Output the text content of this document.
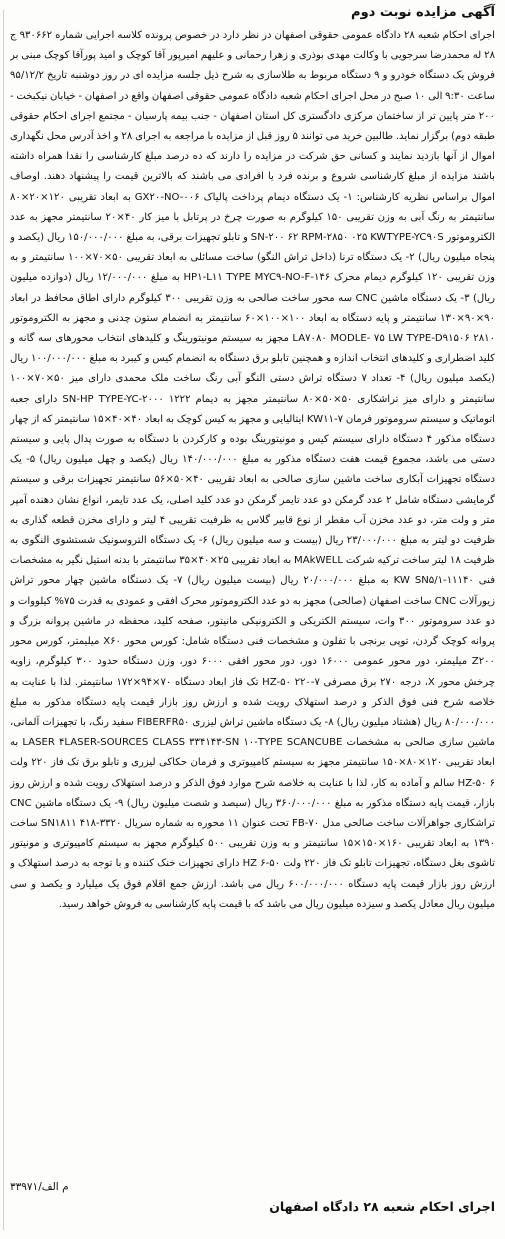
آگهی مزایده نوبت دوم

اجرای احکام شعبه ۲۸ دادگاه عمومی حقوقی اصفهان در نظر دارد در خصوص پرونده کلاسه اجرایی شماره ۹۳۰۶۶۲ ج ۲۸ له محمدرضا سرجویی با وکالت مهدی بوذری و زهرا رحمانی و علیهم امیرپور آقا کوچک و امید پورآقا کوچک مبنی بر فروش یک دستگاه خودرو و ۹ دستگاه مربوط به طلاسازی به شرح ذیل جلسه مزایده ای در روز دوشنبه تاریخ ۹۵/۱۲/۲ ساعت ۹:۳۰ الی ۱۰ صبح در محل اجرای احکام شعبه دادگاه عمومی حقوقی اصفهان واقع در اصفهان - خیابان نیکبخت - ۲۰۰ متر پایین تر از ساختمان مرکزی دادگستری کل استان اصفهان - جنب بیمه پارسیان - مجتمع اجرای احکام حقوقی طبقه دوم) برگزار نماید. طالبین خرید می توانند ۵ روز قبل از مزایده با مراجعه به اجرای ۲۸ و اخذ آدرس محل نگهداری اموال از آنها بازدید نمایند و کسانی حق شرکت در مزایده را دارند که ده درصد مبلغ کارشناسی را نقدا همراه داشته باشند مزایده از مبلغ کارشناسی شروع و برنده فرد یا افرادی می باشند که بالاترین قیمت را پیشنهاد دهند. اوصاف اموال براساس نظریه کارشناس: ۱- یک دستگاه دیمام پرداخت پالیاک GX۲۰-NO-۰۰۶ به ابعاد تقریبی ۱۲۰×۲۰×۸۰ سانتیمتر به رنگ آبی به وزن تقریبی ۱۵۰ کیلوگرم به صورت چرخ در پرتابل با میز کار ۴۰×۲۰ سانتیمتر مجهز به عدد الکتروموتور SN-۲۰۰ ۶۲ RPM-۲۸۵۰ ۰۲۵ KWTYPE-YC۹۰S و تابلو تجهیزات برقی، به مبلغ ۱۵۰/۰۰۰/۰۰۰ ریال (یکصد و پنجاه میلیون ریال) ۲- یک دستگاه ترنا (داخل تراش النگو) ساخت مسائلی به ابعاد تقریبی ۵۰×۷۰×۱۰۰ سانتیمتر و به وزن تقریبی ۱۲۰ کیلوگرم دیمام محرک HP۱-L۱۱ TYPE MYC۹-NO-F-۱۴۶ به مبلغ ۱۲/۰۰۰/۰۰۰ ریال (دوازده میلیون ریال) ۳- یک دستگاه ماشین CNC سه محور ساخت صالحی به وزن تقریبی ۳۰۰ کیلوگرم دارای اطاق محافظ در ابعاد ۹۰×۹۰×۱۳۰ سانتیمتر و پایه دستگاه به ابعاد ۱۰۰×۱۰۰×۶۰ سانتیمتر به انضمام ستون چدنی و مجهز به الکتروموتور LA۷۰۸۰ MODLE- ۷۵ LW TYPE-D۹۱۵۰۶ ۲۸۱۰ مجهز به سیستم مونیتورینگ و کلیدهای انتخاب محورهای سه گانه و کلید اضطراری و کلیدهای انتخاب اندازه و همچنین تابلو برق دستگاه به انضمام کیس و کیبرد به مبلغ ۱۰۰/۰۰۰/۰۰۰ ریال (یکصد میلیون ریال) ۴- تعداد ۷ دستگاه تراش دستی النگو آبی رنگ ساخت ملک محمدی دارای میز ۵۰×۷۰×۱۰۰ سانتیمتر و دارای میز تراشکاری ۵۰×۵۰×۸۰ سانتیمتر مجهز به دیمام ۱۲۲۲ ۲۰۰۰-SN-HP TYPE-YC دارای جعبه اتوماتیک و سیستم سروموتور فرمان KW۱۱-۷ ایتالیایی و مجهز به کیس کوچک به ابعاد ۴۰×۴۰×۱۵ سانتیمتر که از چهار دستگاه مذکور ۴ دستگاه دارای سیستم کیس و مونیتورینگ بوده و کارکردن با دستگاه به صورت پدال پایی و سیستم دستی می باشد، مجموع قیمت هفت دستگاه مذکور به مبلغ ۱۴۰/۰۰۰/۰۰۰ ریال (یکصد و چهل میلیون ریال) ۵- یک دستگاه تجهیزات آبکاری ساخت ماشین سازی صالحی به ابعاد تقریبی ۴۰×۵۰×۵۶ سانتیمتر تجهیزات برقی و سیستم گرمایشی دستگاه شامل ۲ عدد گرمکن دو عدد تایمر گرمکن دو عدد کلید اصلی، یک عدد تایمر، انواع نشان دهنده آمپر متر و ولت متر، دو عدد مخزن آب مقطر از نوع قابیر گلاس به ظرفیت تقریبی ۴ لیتر و دارای مخزن قطعه گذاری به ظرفیت دو لیتر به مبلغ ۲۳/۰۰۰/۰۰۰ ریال (بیست و سه میلیون ریال) ۶- یک دستگاه التروسونیک شستشوی النگوی به ظرفیت ۱۸ لیتر ساخت ترکیه شرکت MAkWELL به ابعاد تقریبی ۲۵×۴۰×۳۵ سانتیمتر با بدنه استیل نگیر به مشخصات فنی ۱۱۱۴۰-KW SN۵/۱ به مبلغ ۲۰/۰۰۰/۰۰۰ ریال (بیست میلیون ریال) ۷- یک دستگاه ماشین چهار محور تراش زیورآلات CNC ساخت اصفهان (صالحی) مجهز به دو عدد الکتروموتور محرک افقی و عمودی به قدرت ۷۵% کیلووات و دو عدد سروموتور ۳۰۰ وات، سیستم الکتریکی و الکترونیکی مانیتور، صفحه کلید، محفظه در ماشین پروانه بزرگ و پروانه کوچک گردن، توپی برنجی با تفلون و مشخصات فنی دستگاه شامل: کورس محور X۶۰ میلیمتر، کورس محور Z۲۰۰ میلیمتر، دور محور عمومی ۱۶۰۰۰ دور، دور محور افقی ۶۰۰۰ دور، وزن دستگاه حدود ۳۰۰ کیلوگرم، زاویه چرخش محور X، درجه ۲۷۰ برق مصرفی HZ-۵۰ ۲۲۰-۷ تک فاز ابعاد دستگاه ۷۰×۹۴×۱۷۲ سانتیمتر. لذا با عنایت به خلاصه شرح فنی فوق الذکر و درصد استهلاک رویت شده و ارزش روز بازار قیمت پایه دستگاه مذکور به مبلغ ۸۰/۰۰۰/۰۰۰ ریال (هشتاد میلیون ریال) ۸- یک دستگاه ماشین تراش لیزری FIBERFR۵۰ سفید رنگ، با تجهیزات آلمانی، ماشین سازی صالحی به مشخصات LASER ۴LASER-SOURCES CLASS ۳۳۴۱۴۳-SN ۱۰-TYPE SCANCUBE به ابعاد تقریبی ۱۲۰×۸۰×۱۵۰ سانتیمتر مجهز به سیستم کامپیوتری و فرمان حکاکی لیزری و تابلو برق تک فاز ۲۲۰ ولت HZ-۵۰ ۶ سالم و آماده به کار، لذا با عنایت به خلاصه شرح موارد فوق الذکر و درصد استهلاک رویت شده و ارزش روز بازار، قیمت پایه دستگاه مذکور به مبلغ ۳۶۰/۰۰۰/۰۰۰ ریال (سیصد و شصت میلیون ریال) ۹- یک دستگاه ماشین CNC تراشکاری جواهرآلات ساخت صالحی مدل FB-۷۰ تحت عنوان ۱۱ محوره به شماره سریال ۳۳۲۰-SN۱۸۱۱ ۴۱۸ ساخت ۱۳۹۰ به ابعاد تقریبی ۱۶۰×۱۵۰×۱۵ سانتیمتر و به وزن تقریبی ۵۰۰ کیلوگرم مجهز به سیستم کامپیوتری و مونیتور تاشوی بغل دستگاه، تجهیزات تابلو تک فاز ۲۲۰ ولت ۵۰-۶ HZ دارای تجهیزات خنک کننده و با توجه به درصد استهلاک و ارزش روز بازار قیمت پایه دستگاه ۶۰۰/۰۰۰/۰۰۰ ریال می باشد. ارزش جمع اقلام فوق یک میلیارد و یکصد و سی میلیون ریال معادل یکصد و سیزده میلیون ریال می باشد که با قیمت پایه کارشناسی به فروش خواهد رسید.

م الف/۳۳۹۷۱
اجرای احکام شعبه ۲۸ دادگاه اصفهان
